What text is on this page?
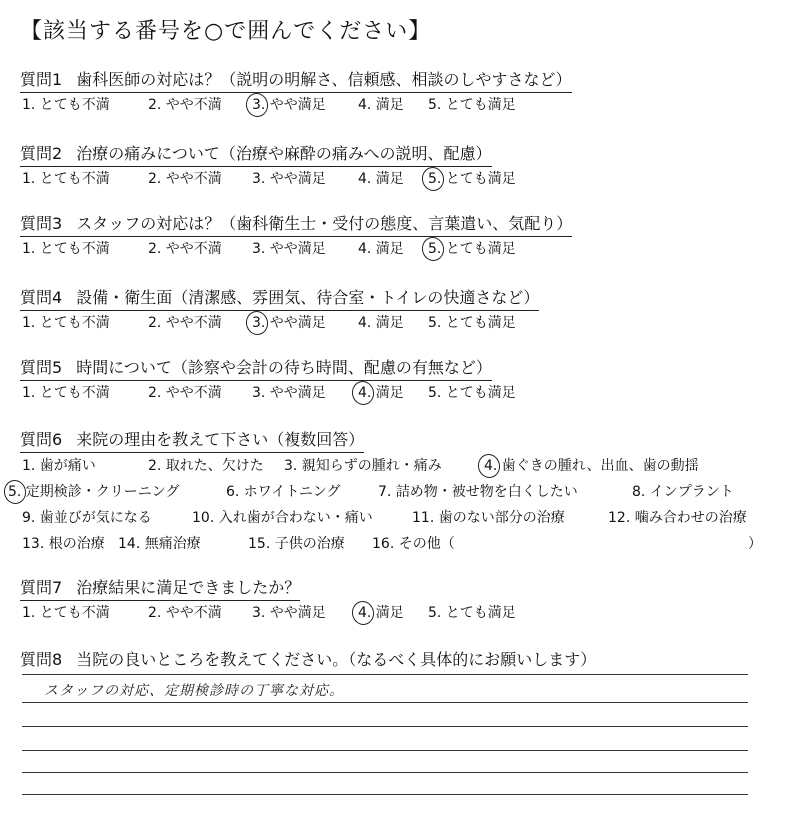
【該当する番号を○で囲んでください】
質問1 歯科医師の対応は？（説明の明解さ、信頼感、相談のしやすさなど）
1. とても不満	2. やや不満 3. やや満足 4. 満足 5. とても満足
質問2 治療の痛みについて（治療や麻酔の痛みへの説明、配慮）
1. とても不満	2. やや不満 3. やや満足 4. 満足 5. とても満足
質問3 スタッフの対応は？（歯科衛生士・受付の態度、言葉遣い、気配り）
1. とても不満	2. やや不満 3. やや満足 4. 満足 5. とても満足
質問4 設備・衛生面（清潔感、雰囲気、待合室・トイレの快適さなど）
1. とても不満	2. やや不満 3. やや満足 4. 満足 5. とても満足
質問5 時間について（診察や会計の待ち時間、配慮の有無など）
1. とても不満	2. やや不満 3. やや満足 4. 満足 5. とても満足
質問6 来院の理由を教えて下さい（複数回答）
1. 歯が痛い	2. 取れた、欠けた 3. 親知らずの腫れ・痛み	4. 歯ぐきの腫れ、出血、歯の動揺
5. 定期検診・クリーニング	6. ホワイトニング	7. 詰め物・被せ物を白くしたい	8. インプラント
9. 歯並びが気になる	10. 入れ歯が合わない・痛い	11. 歯のない部分の治療	12. 噛み合わせの治療
13. 根の治療 14. 無痛治療	15. 子供の治療 16. その他（	）
質問7 治療結果に満足できましたか？
1. とても不満	2. やや不満 3. やや満足 4. 満足 5. とても満足
質問8 当院の良いところを教えてください。（なるべく具体的にお願いします）
スタッフの対応、定期検診時の丁寧な対応。
